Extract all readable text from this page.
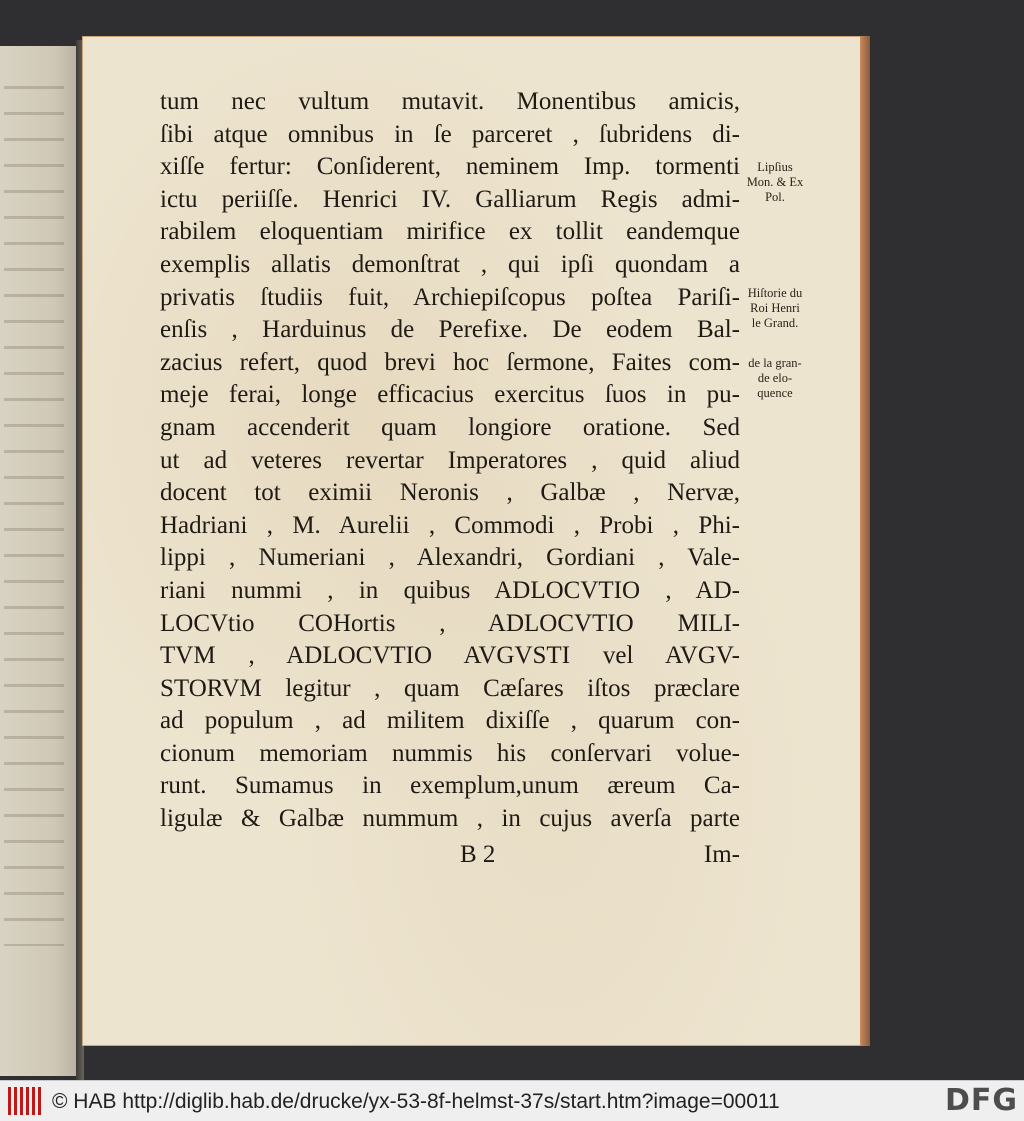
tum nec vultum mutavit. Monentibus amicis,
ſibi atque omnibus in ſe parceret , ſubridens di-
xiſſe fertur: Conſiderent, neminem Imp. tormenti
ictu periiſſe. Henrici IV. Galliarum Regis admi-
rabilem eloquentiam mirifice ex tollit eandemque
exemplis allatis demonſtrat , qui ipſi quondam a
privatis ſtudiis fuit, Archiepiſcopus poſtea Pariſi-
enſis , Harduinus de Perefixe. De eodem Bal-
zacius refert, quod brevi hoc ſermone, Faites com-
meje ferai, longe efficacius exercitus ſuos in pu-
gnam accenderit quam longiore oratione. Sed
ut ad veteres revertar Imperatores , quid aliud
docent tot eximii Neronis , Galbæ , Nervæ,
Hadriani , M. Aurelii , Commodi , Probi , Phi-
lippi , Numeriani , Alexandri, Gordiani , Vale-
riani nummi , in quibus ADLOCVTIO , AD-
LOCVtio COHortis , ADLOCVTIO MILI-
TVM , ADLOCVTIO AVGVSTI vel AVGV-
STORVM legitur , quam Cæſares iſtos præclare
ad populum , ad militem dixiſſe , quarum con-
cionum memoriam nummis his conſervari volue-
runt. Sumamus in exemplum,unum æreum Ca-
ligulæ & Galbæ nummum , in cujus averſa parte
B 2	Im-
Lipſius
Mon. & Ex
Pol.
Hiſtorie du
Roi Henri
le Grand.
de la gran-
de elo-
quence
© HAB http://diglib.hab.de/drucke/yx-53-8f-helmst-37s/start.htm?image=00011	DFG
